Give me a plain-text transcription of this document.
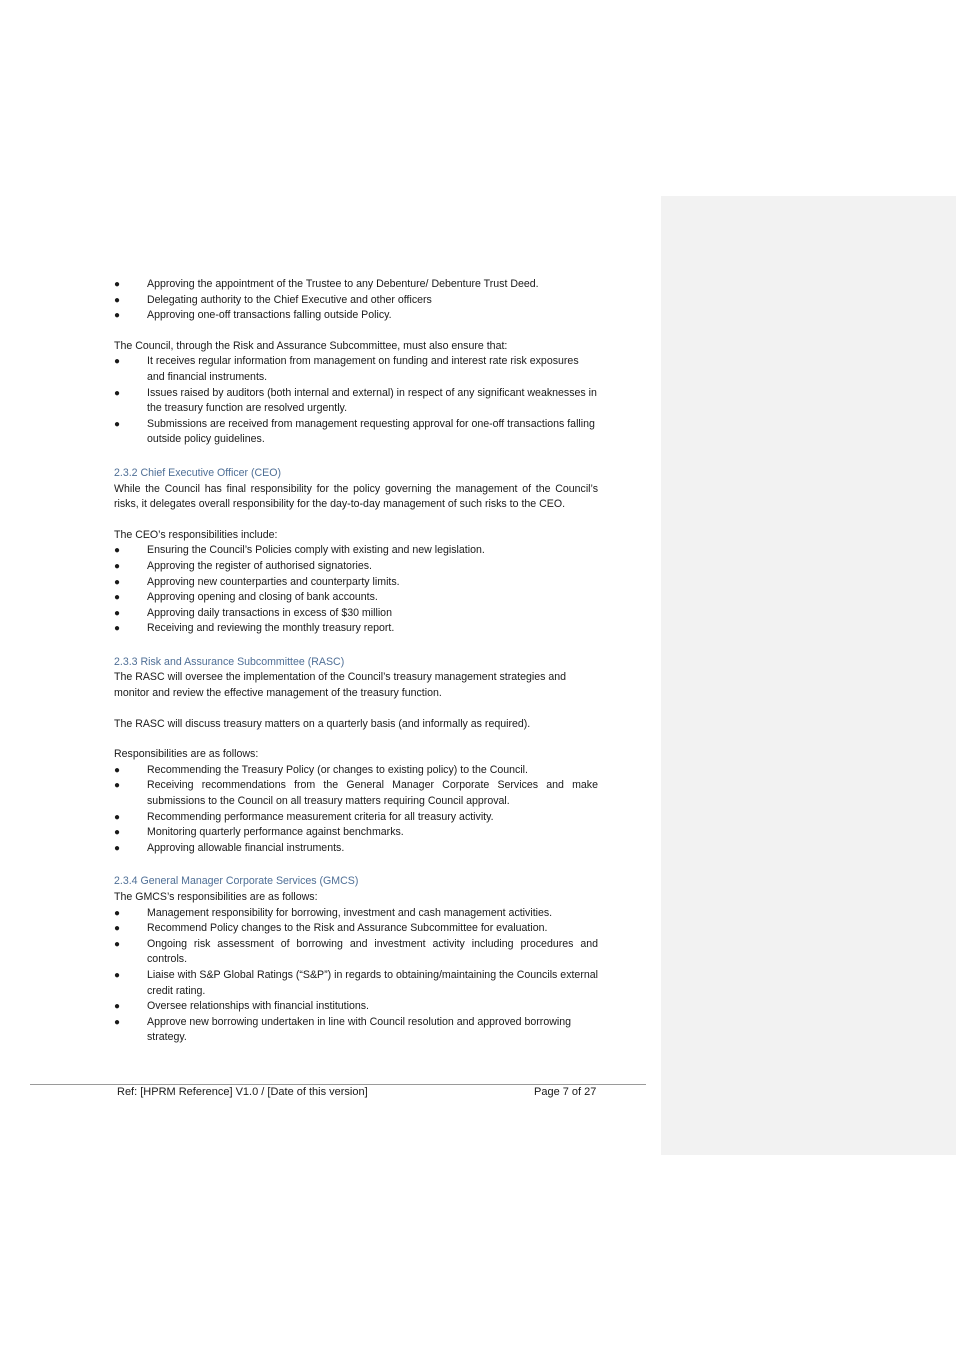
●	Approving the appointment of the Trustee to any Debenture/ Debenture Trust Deed.
●	Delegating authority to the Chief Executive and other officers
●	Approving one-off transactions falling outside Policy.

The Council, through the Risk and Assurance Subcommittee, must also ensure that:

●	It receives regular information from management on funding and interest rate risk exposures and financial instruments.
●	Issues raised by auditors (both internal and external) in respect of any significant weaknesses in the treasury function are resolved urgently.
●	Submissions are received from management requesting approval for one-off transactions falling outside policy guidelines.

2.3.2 Chief Executive Officer (CEO)

While the Council has final responsibility for the policy governing the management of the Council’s risks, it delegates overall responsibility for the day-to-day management of such risks to the CEO.

The CEO’s responsibilities include:

●	Ensuring the Council’s Policies comply with existing and new legislation.
●	Approving the register of authorised signatories.
●	Approving new counterparties and counterparty limits.
●	Approving opening and closing of bank accounts.
●	Approving daily transactions in excess of $30 million
●	Receiving and reviewing the monthly treasury report.

2.3.3 Risk and Assurance Subcommittee (RASC)

The RASC will oversee the implementation of the Council’s treasury management strategies and monitor and review the effective management of the treasury function.

The RASC will discuss treasury matters on a quarterly basis (and informally as required).

Responsibilities are as follows:

●	Recommending the Treasury Policy (or changes to existing policy) to the Council.
●	Receiving recommendations from the General Manager Corporate Services and make submissions to the Council on all treasury matters requiring Council approval.
●	Recommending performance measurement criteria for all treasury activity.
●	Monitoring quarterly performance against benchmarks.
●	Approving allowable financial instruments.

2.3.4 General Manager Corporate Services (GMCS)

The GMCS’s responsibilities are as follows:

●	Management responsibility for borrowing, investment and cash management activities.
●	Recommend Policy changes to the Risk and Assurance Subcommittee for evaluation.
●	Ongoing risk assessment of borrowing and investment activity including procedures and controls.
●	Liaise with S&P Global Ratings (“S&P”) in regards to obtaining/maintaining the Councils external credit rating.
●	Oversee relationships with financial institutions.
●	Approve new borrowing undertaken in line with Council resolution and approved borrowing strategy.
Ref: [HPRM Reference] V1.0 / [Date of this version]	Page 7 of 27
